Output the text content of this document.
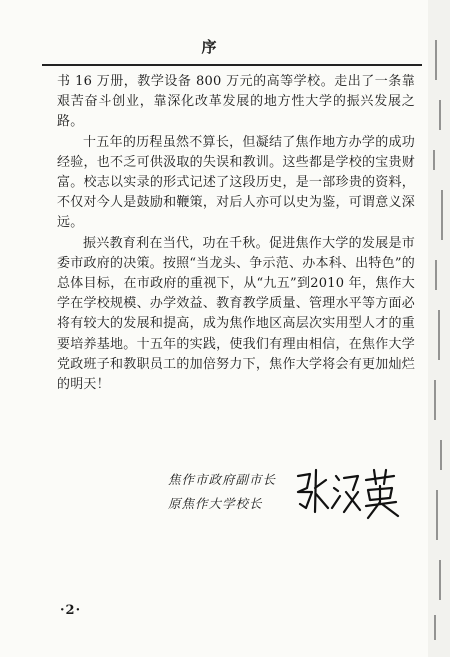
序

书 16 万册，教学设备 800 万元的高等学校。走出了一条靠艰苦奋斗创业，靠深化改革发展的地方性大学的振兴发展之路。

十五年的历程虽然不算长，但凝结了焦作地方办学的成功经验，也不乏可供汲取的失误和教训。这些都是学校的宝贵财富。校志以实录的形式记述了这段历史，是一部珍贵的资料，不仅对今人是鼓励和鞭策，对后人亦可以史为鉴，可谓意义深远。

振兴教育利在当代，功在千秋。促进焦作大学的发展是市委市政府的决策。按照“当龙头、争示范、办本科、出特色”的总体目标，在市政府的重视下，从“九五”到2010 年，焦作大学在学校规模、办学效益、教育教学质量、管理水平等方面必将有较大的发展和提高，成为焦作地区高层次实用型人才的重要培养基地。十五年的实践，使我们有理由相信，在焦作大学党政班子和教职员工的加倍努力下，焦作大学将会有更加灿烂的明天！

焦作市政府副市长
原焦作大学校长
·2·
